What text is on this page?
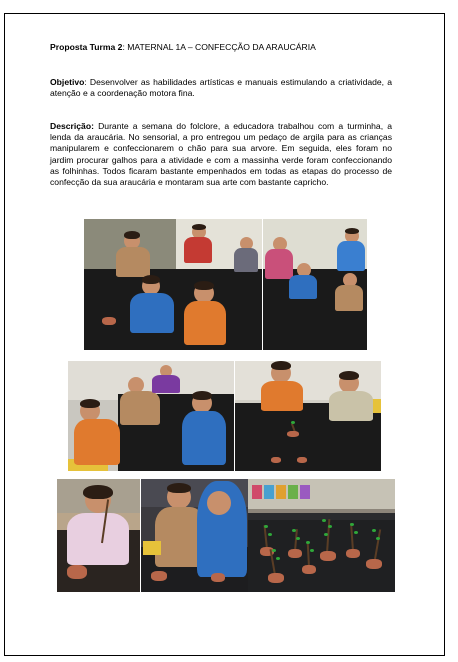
Proposta Turma 2: MATERNAL 1A – CONFECÇÃO DA ARAUCÁRIA
Objetivo: Desenvolver as habilidades artísticas e manuais estimulando a criatividade, a atenção e a coordenação motora fina.
Descrição: Durante a semana do folclore, a educadora trabalhou com a turminha, a lenda da araucária. No sensorial, a pro entregou um pedaço de argila para as crianças manipularem e confeccionarem o chão para sua arvore. Em seguida, eles foram no jardim procurar galhos para a atividade e com a massinha verde foram confeccionando as folhinhas. Todos ficaram bastante empenhados em todas as etapas do processo de confecção da sua araucária e montaram sua arte com bastante capricho.
